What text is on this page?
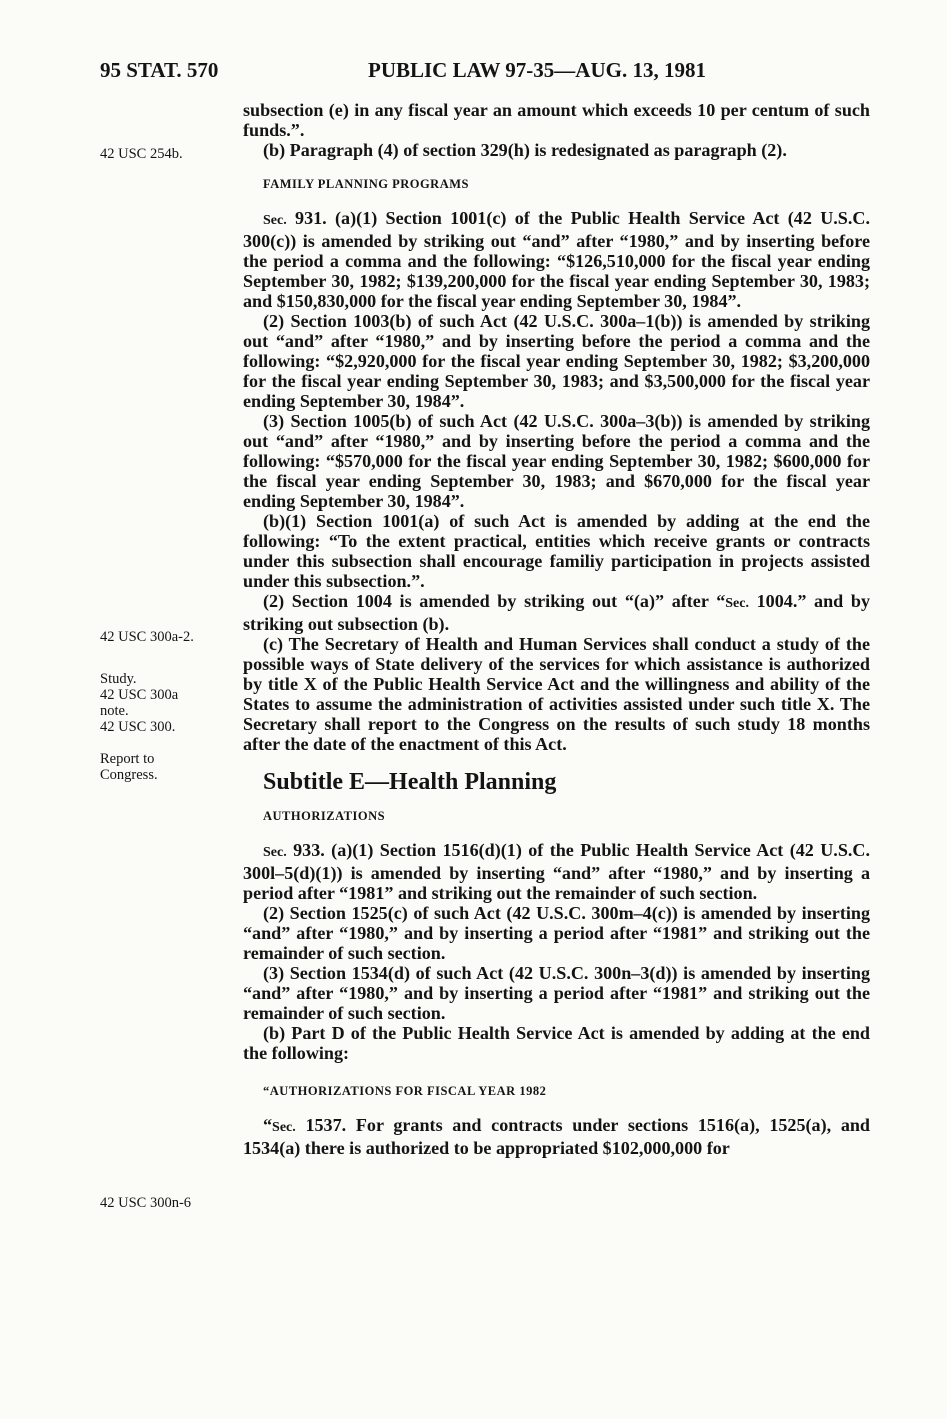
95 STAT. 570	PUBLIC LAW 97-35—AUG. 13, 1981
42 USC 254b.
42 USC 300a-2.
Study.
42 USC 300a
note.
42 USC 300.
Report to
Congress.
42 USC 300n-6

subsection (e) in any fiscal year an amount which exceeds 10 per centum of such funds.”.

(b) Paragraph (4) of section 329(h) is redesignated as paragraph (2).

FAMILY PLANNING PROGRAMS

Sec. 931. (a)(1) Section 1001(c) of the Public Health Service Act (42 U.S.C. 300(c)) is amended by striking out “and” after “1980,” and by inserting before the period a comma and the following: “$126,510,000 for the fiscal year ending September 30, 1982; $139,200,000 for the fiscal year ending September 30, 1983; and $150,830,000 for the fiscal year ending September 30, 1984”.

(2) Section 1003(b) of such Act (42 U.S.C. 300a–1(b)) is amended by striking out “and” after “1980,” and by inserting before the period a comma and the following: “$2,920,000 for the fiscal year ending September 30, 1982; $3,200,000 for the fiscal year ending September 30, 1983; and $3,500,000 for the fiscal year ending September 30, 1984”.

(3) Section 1005(b) of such Act (42 U.S.C. 300a–3(b)) is amended by striking out “and” after “1980,” and by inserting before the period a comma and the following: “$570,000 for the fiscal year ending September 30, 1982; $600,000 for the fiscal year ending September 30, 1983; and $670,000 for the fiscal year ending September 30, 1984”.

(b)(1) Section 1001(a) of such Act is amended by adding at the end the following: “To the extent practical, entities which receive grants or contracts under this subsection shall encourage familiy participation in projects assisted under this subsection.”.

(2) Section 1004 is amended by striking out “(a)” after “Sec. 1004.” and by striking out subsection (b).

(c) The Secretary of Health and Human Services shall conduct a study of the possible ways of State delivery of the services for which assistance is authorized by title X of the Public Health Service Act and the willingness and ability of the States to assume the administration of activities assisted under such title X. The Secretary shall report to the Congress on the results of such study 18 months after the date of the enactment of this Act.

Subtitle E—Health Planning

AUTHORIZATIONS

Sec. 933. (a)(1) Section 1516(d)(1) of the Public Health Service Act (42 U.S.C. 300l–5(d)(1)) is amended by inserting “and” after “1980,” and by inserting a period after “1981” and striking out the remainder of such section.

(2) Section 1525(c) of such Act (42 U.S.C. 300m–4(c)) is amended by inserting “and” after “1980,” and by inserting a period after “1981” and striking out the remainder of such section.

(3) Section 1534(d) of such Act (42 U.S.C. 300n–3(d)) is amended by inserting “and” after “1980,” and by inserting a period after “1981” and striking out the remainder of such section.

(b) Part D of the Public Health Service Act is amended by adding at the end the following:

“AUTHORIZATIONS FOR FISCAL YEAR 1982

“Sec. 1537. For grants and contracts under sections 1516(a), 1525(a), and 1534(a) there is authorized to be appropriated $102,000,000 for
